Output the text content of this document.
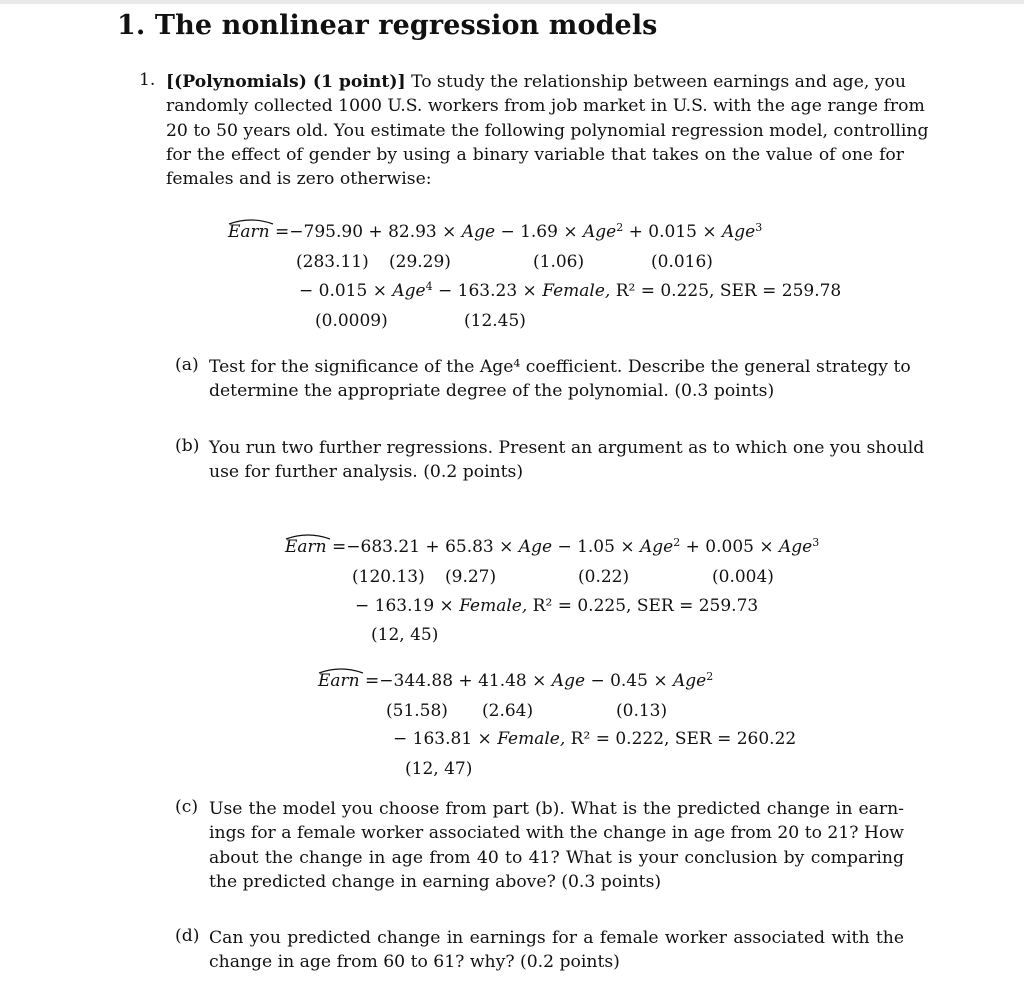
1. The nonlinear regression models
1. [(Polynomials) (1 point)] To study the relationship between earnings and age, you
randomly collected 1000 U.S. workers from job market in U.S. with the age range from
20 to 50 years old. You estimate the following polynomial regression model, controlling
for the effect of gender by using a binary variable that takes on the value of one for
females and is zero otherwise:
Earn =−795.90 + 82.93 × Age − 1.69 × Age$^2$ + 0.015 × Age$^3$
(283.11) (29.29)	(1.06)	(0.016)
− 0.015 × Age$^4$ − 163.23 × Female, R² = 0.225, SER = 259.78
(0.0009)	(12.45)
(a) Test for the significance of the Age⁴ coefficient. Describe the general strategy to
determine the appropriate degree of the polynomial. (0.3 points)
(b) You run two further regressions. Present an argument as to which one you should
use for further analysis. (0.2 points)
Earn =−683.21 + 65.83 × Age − 1.05 × Age$^2$ + 0.005 × Age$^3$
(120.13) (9.27)	(0.22)	(0.004)
− 163.19 × Female, R² = 0.225, SER = 259.73
(12, 45)
Earn =−344.88 + 41.48 × Age − 0.45 × Age$^2$
(51.58) (2.64)	(0.13)
− 163.81 × Female, R² = 0.222, SER = 260.22
(12, 47)
(c) Use the model you choose from part (b). What is the predicted change in earn-
ings for a female worker associated with the change in age from 20 to 21? How
about the change in age from 40 to 41? What is your conclusion by comparing
the predicted change in earning above? (0.3 points)
(d) Can you predicted change in earnings for a female worker associated with the
change in age from 60 to 61? why? (0.2 points)
